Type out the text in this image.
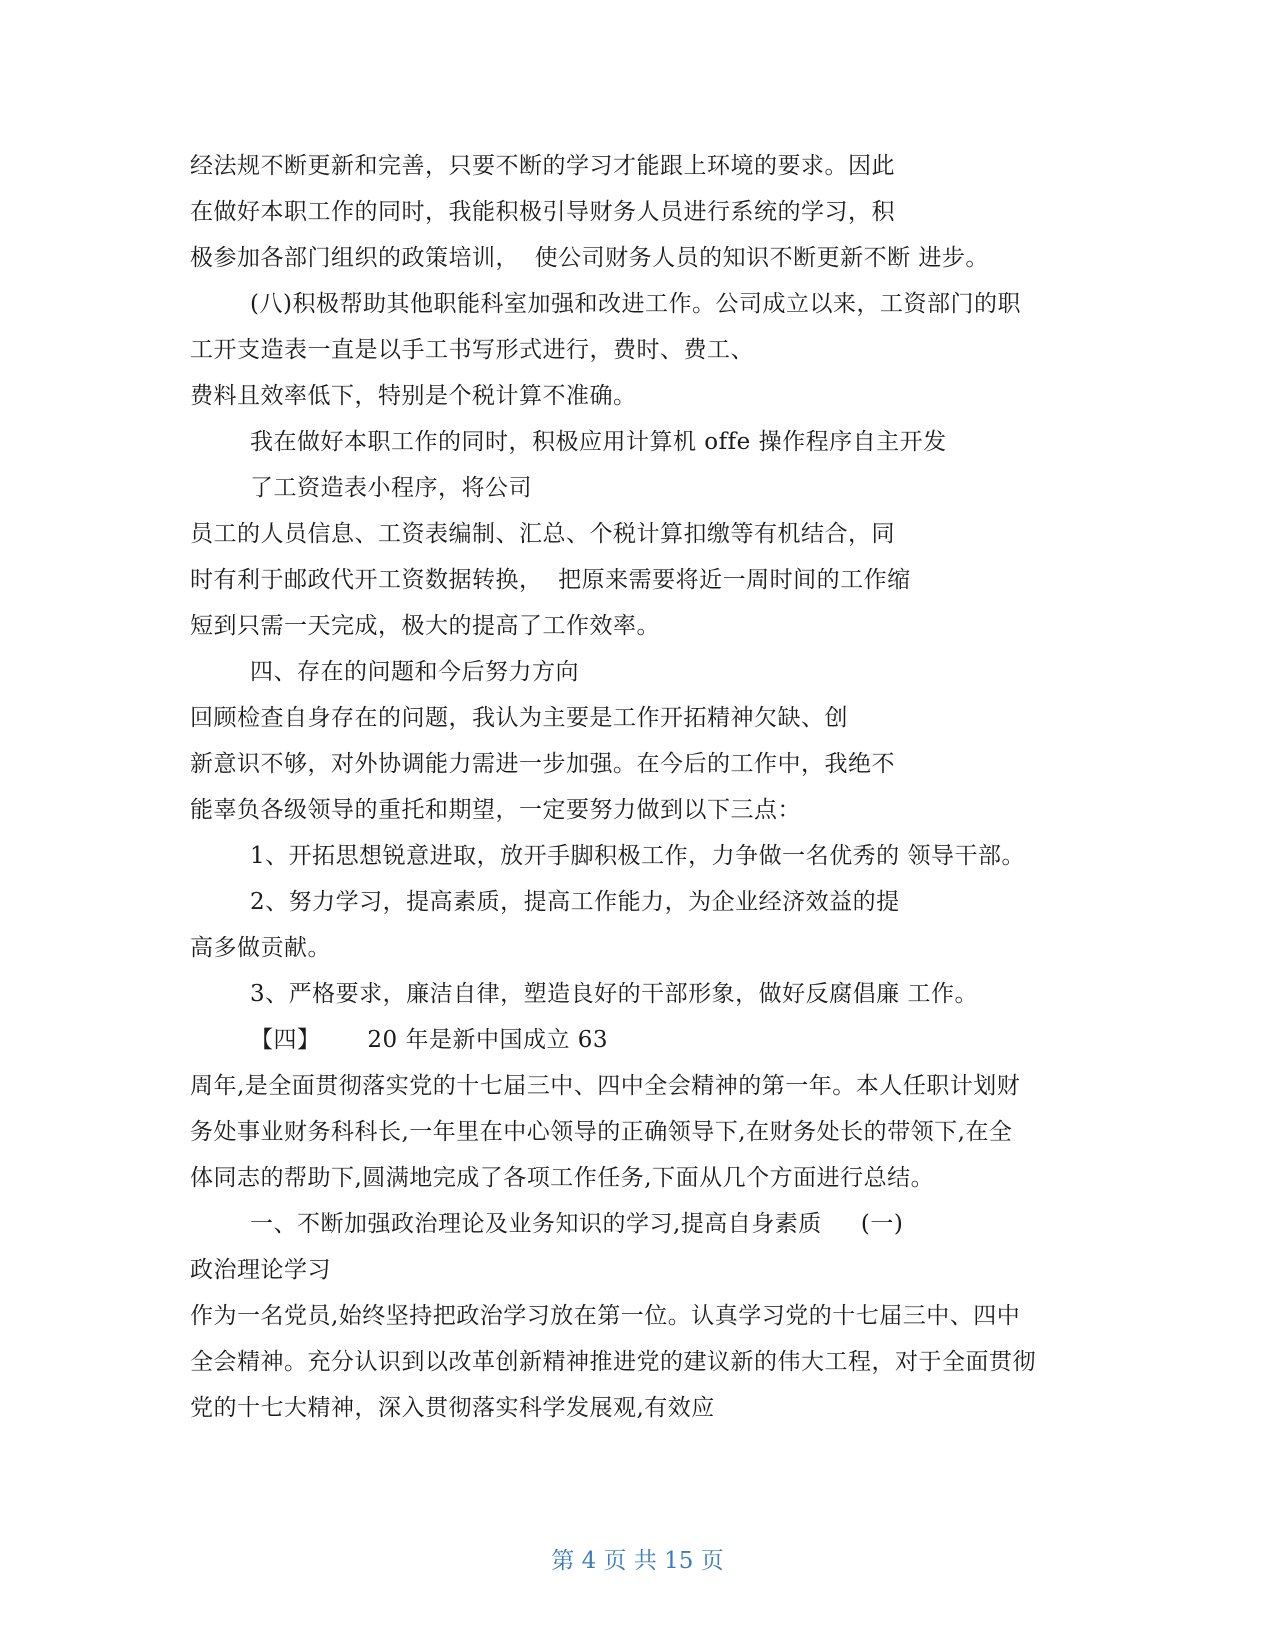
经法规不断更新和完善，只要不断的学习才能跟上环境的要求。因此
在做好本职工作的同时，我能积极引导财务人员进行系统的学习，积
极参加各部门组织的政策培训，  使公司财务人员的知识不断更新不断 进步。
(八)积极帮助其他职能科室加强和改进工作。公司成立以来，工资部门的职
工开支造表一直是以手工书写形式进行，费时、费工、
费料且效率低下，特别是个税计算不准确。
我在做好本职工作的同时，积极应用计算机 offe 操作程序自主开发
了工资造表小程序，将公司
员工的人员信息、工资表编制、汇总、个税计算扣缴等有机结合，同
时有利于邮政代开工资数据转换，  把原来需要将近一周时间的工作缩
短到只需一天完成，极大的提高了工作效率。
四、存在的问题和今后努力方向
回顾检查自身存在的问题，我认为主要是工作开拓精神欠缺、创
新意识不够，对外协调能力需进一步加强。在今后的工作中，我绝不
能辜负各级领导的重托和期望，一定要努力做到以下三点：
1、开拓思想锐意进取，放开手脚积极工作，力争做一名优秀的 领导干部。
2、努力学习，提高素质，提高工作能力，为企业经济效益的提
高多做贡献。
3、严格要求，廉洁自律，塑造良好的干部形象，做好反腐倡廉 工作。
【四】      20 年是新中国成立 63
周年,是全面贯彻落实党的十七届三中、四中全会精神的第一年。本人任职计划财
务处事业财务科科长,一年里在中心领导的正确领导下,在财务处长的带领下,在全
体同志的帮助下,圆满地完成了各项工作任务,下面从几个方面进行总结。
一、不断加强政治理论及业务知识的学习,提高自身素质     (一)
政治理论学习
作为一名党员,始终坚持把政治学习放在第一位。认真学习党的十七届三中、四中
全会精神。充分认识到以改革创新精神推进党的建议新的伟大工程，对于全面贯彻
党的十七大精神，深入贯彻落实科学发展观,有效应
第 4 页 共 15 页
